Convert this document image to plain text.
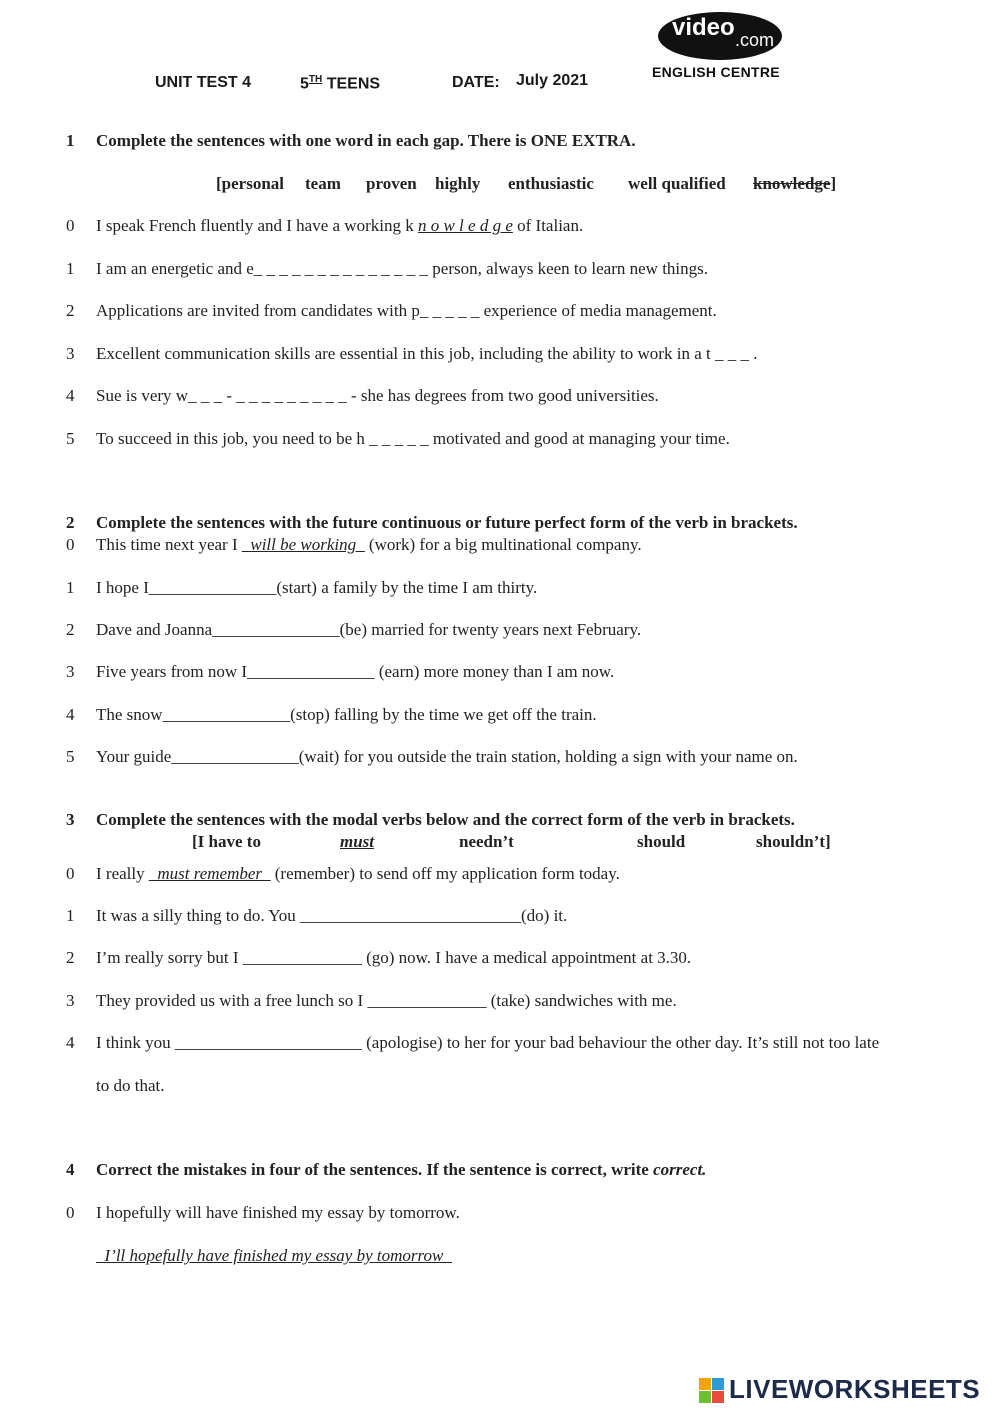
UNIT TEST 4	5TH TEENS	DATE: July 2021
video .com
ENGLISH CENTRE
1 Complete the sentences with one word in each gap. There is ONE EXTRA.
[personal team proven highly enthusiastic well qualified knowledge]
0 I speak French fluently and I have a working k n o w l e d g e of Italian.
1 I am an energetic and e_ _ _ _ _ _ _ _ _ _ _ _ _ _ person, always keen to learn new things.
2 Applications are invited from candidates with p_ _ _ _ _ experience of media management.
3 Excellent communication skills are essential in this job, including the ability to work in a t _ _ _ .
4 Sue is very w_ _ _ - _ _ _ _ _ _ _ _ _ - she has degrees from two good universities.
5 To succeed in this job, you need to be h _ _ _ _ _ motivated and good at managing your time.
2 Complete the sentences with the future continuous or future perfect form of the verb in brackets.
0 This time next year I _will be working_ (work) for a big multinational company.
1 I hope I_______________(start) a family by the time I am thirty.
2 Dave and Joanna_______________(be) married for twenty years next February.
3 Five years from now I_______________ (earn) more money than I am now.
4 The snow_______________(stop) falling by the time we get off the train.
5 Your guide_______________(wait) for you outside the train station, holding a sign with your name on.
3 Complete the sentences with the modal verbs below and the correct form of the verb in brackets.
[I have to	must	needn’t	should	shouldn’t]
0 I really _must remember_ (remember) to send off my application form today.
1 It was a silly thing to do. You __________________________(do) it.
2 I’m really sorry but I ______________ (go) now. I have a medical appointment at 3.30.
3 They provided us with a free lunch so I ______________ (take) sandwiches with me.
4 I think you ______________________ (apologise) to her for your bad behaviour the other day. It’s still not too late
to do that.
4 Correct the mistakes in four of the sentences. If the sentence is correct, write correct.
0 I hopefully will have finished my essay by tomorrow.
_I’ll hopefully have finished my essay by tomorrow_
LIVEWORKSHEETS
